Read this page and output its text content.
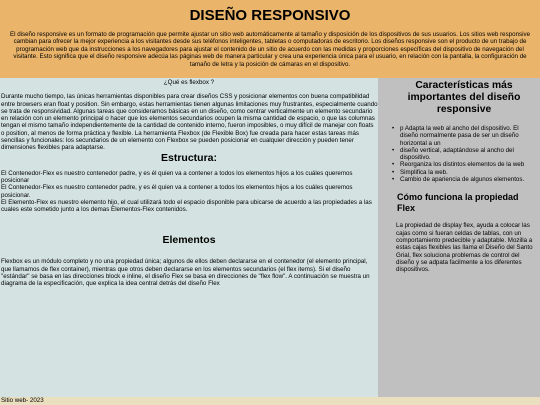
DISEÑO RESPONSIVO

El diseño responsive es un formato de programación que permite ajustar un sitio web automáticamente al tamaño y disposición de los dispositivos de sus usuarios. Los sitios web responsive cambian para ofrecer la mejor experiencia a los visitantes desde sus teléfonos inteligentes, tabletas o computadoras de escritorio. Los diseños responsive son el producto de un trabajo de programación web que da instrucciones a los navegadores para ajustar el contenido de un sitio de acuerdo con las medidas y proporciones específicas del dispositivo de navegación del visitante. Esto significa que el diseño responsive adecúa las páginas web de manera particular y crea una experiencia única para el usuario, en relación con la pantalla, la configuración de tamaño de letra y la posición de cámaras en el dispositivo.

¿Qué es flexbox ?

Durante mucho tiempo, las únicas herramientas disponibles para crear diseños CSS y posicionar elementos con buena compatibilidad entre browsers eran float y position. Sin embargo, estas herramientas tienen algunas limitaciones muy frustrantes, especialmente cuando se trata de responsividad. Algunas tareas que consideramos básicas en un diseño, como centrar verticalmente un elemento secundario en relación con un elemento principal o hacer que los elementos secundarios ocupen la misma cantidad de espacio, o que las columnas tengan el mismo tamaño independientemente de la cantidad de contenido interno, fueron imposibles, o muy difícil de manejar con floats o position, al menos de forma práctica y flexible. La herramienta Flexbox (de Flexible Box) fue creada para hacer estas tareas más sencillas y funcionales: los secundarios de un elemento con Flexbox se pueden posicionar en cualquier dirección y pueden tener dimensiones flexibles para adaptarse.

Estructura:

El Contenedor-Flex es nuestro contenedor padre, y es él quien va a contener a todos los elementos hijos a los cuáles queremos posicionar

El Contenedor-Flex es nuestro contenedor padre, y es él quien va a contener a todos los elementos hijos a los cuáles queremos posicionar.

El Elemento-Flex es nuestro elemento hijo, el cual utilizará todo el espacio disponible para ubicarse de acuerdo a las propiedades a las cuales este sometido junto a los demas Elementos-Flex contenidos.

Elementos

Flexbox es un módulo completo y no una propiedad única; algunos de ellos deben declararse en el contenedor (el elemento principal, que llamamos de flex container), mientras que otros deben declararse en los elementos secundarios (el flex items). Si el diseño "estándar" se basa en las direcciones block e inline, el diseño Flex se basa en direcciones de "flex flow". A continuación se muestra un diagrama de la especificación, que explica la idea central detrás del diseño Flex

Características más importantes del diseño responsive
• p Adapta la web al ancho del dispositivo. El diseño normalmente pasa de ser un diseño horizontal a un
• diseño vertical, adaptándose al ancho del dispositivo.
• Reorganiza los distintos elementos de la web
• Simplifica la web.
• Cambio de apariencia de algunos elementos.
Cómo funciona la propiedad Flex

La propiedad de display flex, ayuda a colocar las cajas como si fueran celdas de tablas, con un comportamiento predecible y adaptable. Mozilla a estas cajas flexibles las llama el Diseño del Santo Grial, flex soluciona problemas de control del diseño y se adpata facilmente a los diferentes dispositivos.

Sitio web- 2023
